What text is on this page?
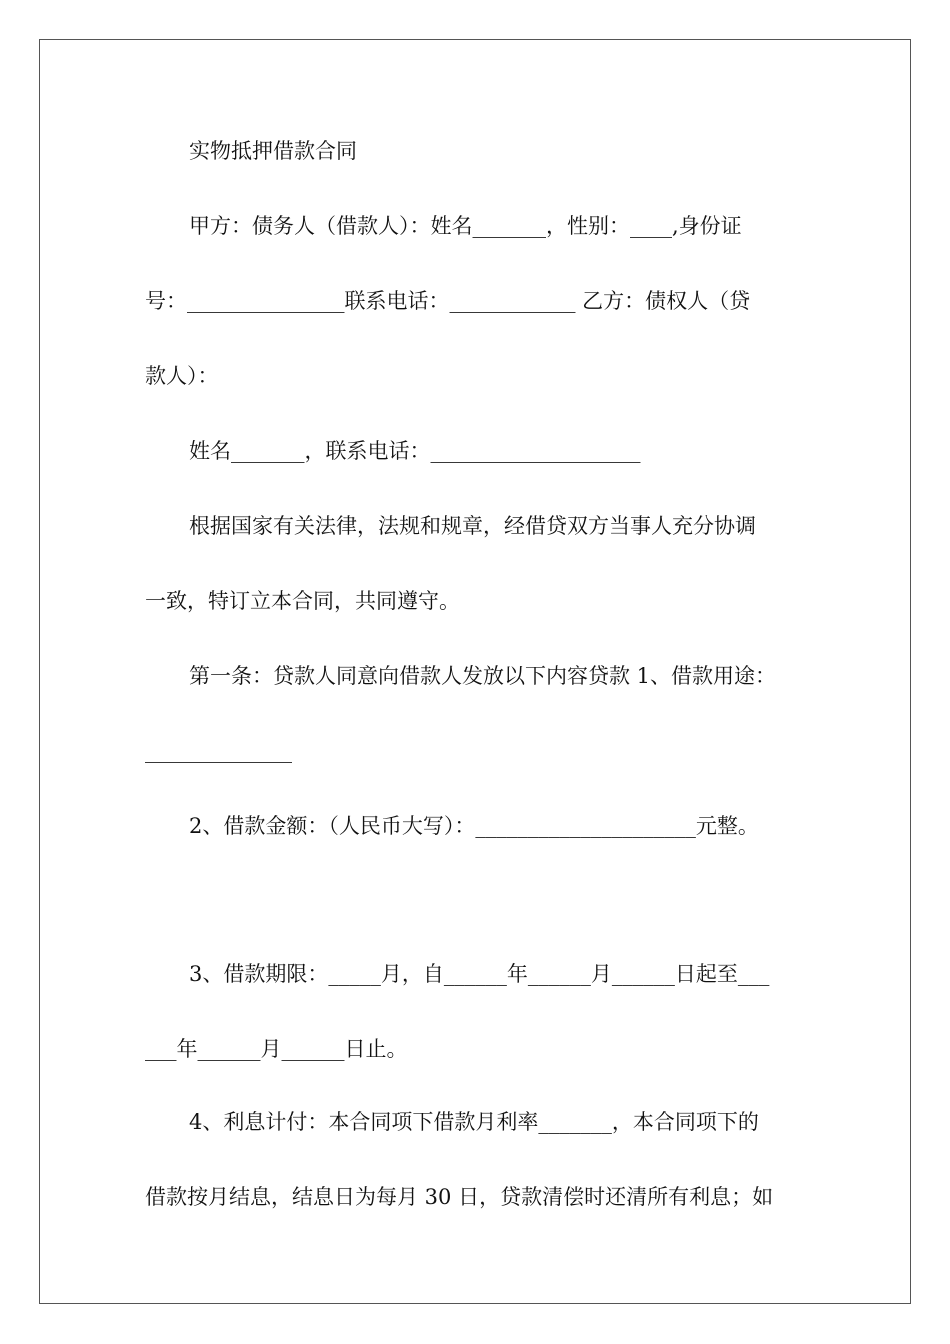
实物抵押借款合同
甲方：债务人（借款人）：姓名_______，性别：____,身份证
号：_______________联系电话：____________ 乙方：债权人（贷
款人）：
姓名_______，联系电话：____________________
根据国家有关法律，法规和规章，经借贷双方当事人充分协调
一致，特订立本合同，共同遵守。
第一条：贷款人同意向借款人发放以下内容贷款 1、借款用途：
______________
2、借款金额：（人民币大写）：_____________________元整。
3、借款期限：_____月，自______年______月______日起至___
___年______月______日止。
4、利息计付：本合同项下借款月利率_______，本合同项下的
借款按月结息，结息日为每月 30 日，贷款清偿时还清所有利息；如
